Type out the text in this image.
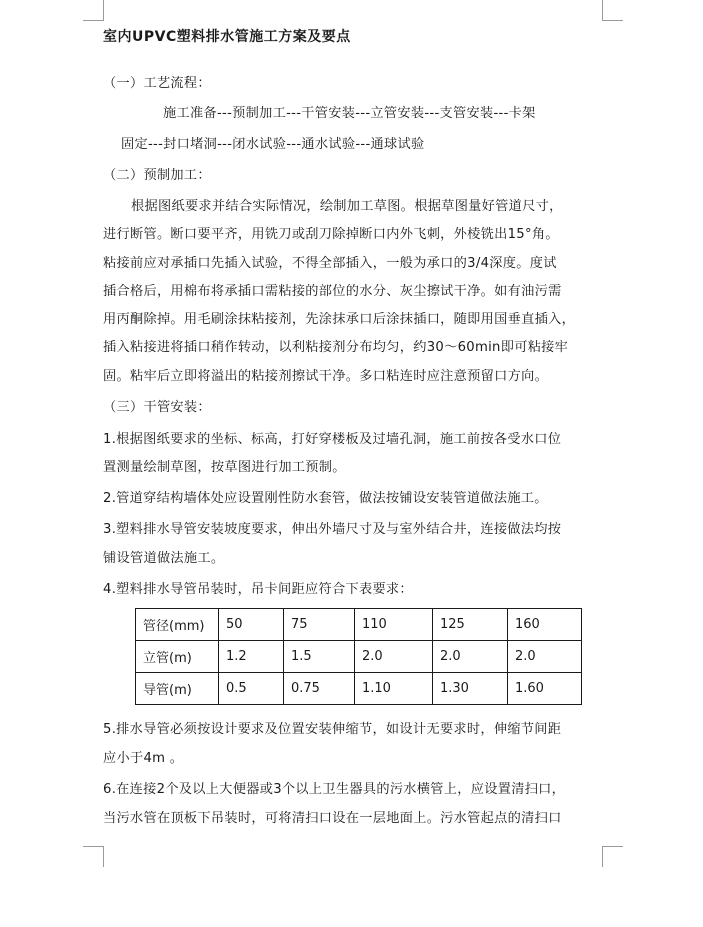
室内UPVC塑料排水管施工方案及要点
（一）工艺流程：
施工准备---预制加工---干管安装---立管安装---支管安装---卡架
固定---封口堵洞---闭水试验---通水试验---通球试验
（二）预制加工：
根据图纸要求并结合实际情况，绘制加工草图。根据草图量好管道尺寸，
进行断管。断口要平齐，用铣刀或刮刀除掉断口内外飞刺，外棱铣出15°角。
粘接前应对承插口先插入试验，不得全部插入，一般为承口的3/4深度。度试
插合格后，用棉布将承插口需粘接的部位的水分、灰尘擦试干净。如有油污需
用丙酮除掉。用毛刷涂抹粘接剂，先涂抹承口后涂抹插口，随即用国垂直插入，
插入粘接进将插口稍作转动，以利粘接剂分布均匀，约30～60min即可粘接牢
固。粘牢后立即将溢出的粘接剂擦试干净。多口粘连时应注意预留口方向。
（三）干管安装：
1.根据图纸要求的坐标、标高，打好穿楼板及过墙孔洞，施工前按各受水口位
置测量绘制草图，按草图进行加工预制。
2.管道穿结构墙体处应设置刚性防水套管，做法按铺设安装管道做法施工。
3.塑料排水导管安装坡度要求，伸出外墙尺寸及与室外结合井，连接做法均按
铺设管道做法施工。
4.塑料排水导管吊装时，吊卡间距应符合下表要求：
管径(mm)	50	75	110	125	160
立管(m)	1.2	1.5	2.0	2.0	2.0
导管(m)	0.5	0.75	1.10	1.30	1.60
5.排水导管必须按设计要求及位置安装伸缩节，如设计无要求时，伸缩节间距
应小于4m 。
6.在连接2个及以上大便器或3个以上卫生器具的污水横管上，应设置清扫口，
当污水管在顶板下吊装时，可将清扫口设在一层地面上。污水管起点的清扫口
